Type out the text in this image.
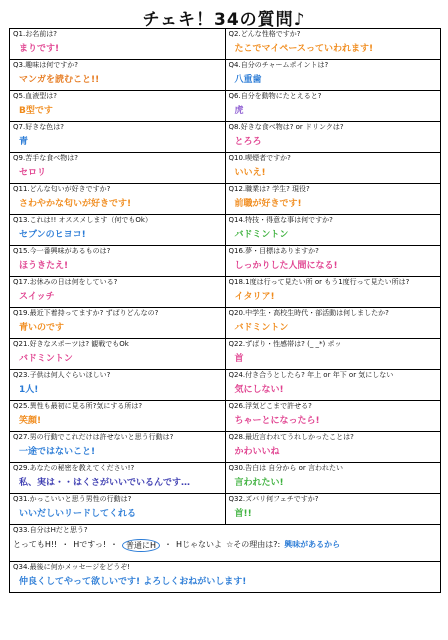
チェキ！34の質問♪
Q1.お名前は?
まりです!
Q2.どんな性格ですか?
たこでマイペースっていわれます!
Q3.趣味は何ですか?
マンガを読むこと!!
Q4.自分のチャームポイントは?
八重歯
Q5.血液型は?
B型です
Q6.自分を動物にたとえると?
虎
Q7.好きな色は?
青
Q8.好きな食べ物は? or ドリンクは?
とろろ
Q9.苦手な食べ物は?
セロリ
Q10.喫煙者ですか?
いいえ!
Q11.どんな匂いが好きですか?
さわやかな匂いが好きです!
Q12.職業は? 学生? 現役?
前職が好きです!
Q13.これは!! オススメします（何でもOk）
セブンのヒヨコ!
Q14.特技・得意な事は何ですか?
バドミントン
Q15.今一番興味があるものは?
ほうきたえ!
Q16.夢・目標はありますか?
しっかりした人間になる!
Q17.お休みの日は何をしている?
スイッチ
Q18.1度は行って見たい所 or もう1度行って見たい所は?
イタリア!
Q19.最近下着持ってますか? ずばりどんなの?
青いのです
Q20.中学生・高校生時代・部活動は何しましたか?
バドミントン
Q21.好きなスポーツは? 観戦でもOk
バドミントン
Q22.ずばり・性感帯は? (_ _*) ポッ
首
Q23.子供は何人ぐらいほしい?
1人!
Q24.付き合うとしたら? 年上 or 年下 or 気にしない
気にしない!
Q25.異性も最初に見る所?気にする所は?
笑顔!
Q26.浮気どこまで許せる?
ちゃーとになったら!
Q27.男の行動でこれだけは許せないと思う行動は?
一途ではないこと!
Q28.最近言われてうれしかったことは?
かわいいね
Q29.あなたの秘密を教えてください!?
私、実は・・はくさがいいでいるんです…
Q30.告白は 自分から or 言われたい
言われたい!
Q31.かっこいいと思う男性の行動は?
いいだしいリードしてくれる
Q32.ズバリ何フェチですか?
首!!
Q33.自分はHだと思う?
とってもH!! ・ Hですっ! ・	普通にH	・ Hじゃないよ ☆その理由は?: 興味があるから
Q34.最後に何かメッセージをどうぞ!
仲良くしてやって欲しいです! よろしくおねがいします!
